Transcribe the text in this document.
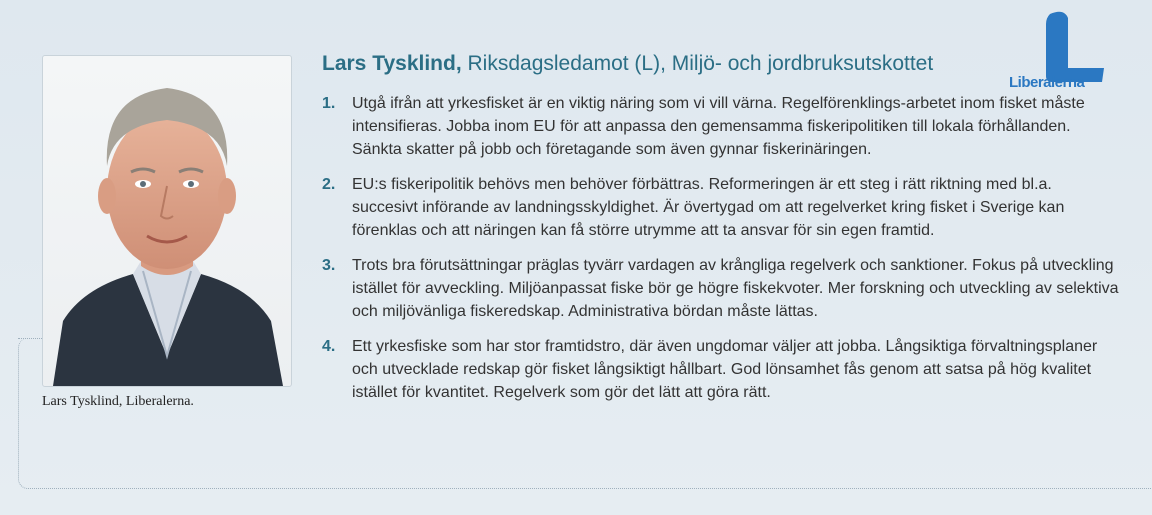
Lars Tysklind, Liberalerna.
Lars Tysklind, Riksdagsledamot (L), Miljö- och jordbruksutskottet
Liberalerna
1. Utgå ifrån att yrkesfisket är en viktig näring som vi vill värna. Regelförenklings-arbetet inom fisket måste intensifieras. Jobba inom EU för att anpassa den gemensamma fiskeripolitiken till lokala förhållanden. Sänkta skatter på jobb och företagande som även gynnar fiskerinäringen.
2. EU:s fiskeripolitik behövs men behöver förbättras. Reformeringen är ett steg i rätt riktning med bl.a. succesivt införande av landningsskyldighet. Är övertygad om att regelverket kring fisket i Sverige kan förenklas och att näringen kan få större utrymme att ta ansvar för sin egen framtid.
3. Trots bra förutsättningar präglas tyvärr vardagen av krångliga regelverk och sanktioner. Fokus på utveckling istället för avveckling. Miljöanpassat fiske bör ge högre fiskekvoter. Mer forskning och utveckling av selektiva och miljövänliga fiskeredskap. Administrativa bördan måste lättas.
4. Ett yrkesfiske som har stor framtidstro, där även ungdomar väljer att jobba. Långsiktiga förvaltningsplaner och utvecklade redskap gör fisket långsiktigt hållbart. God lönsamhet fås genom att satsa på hög kvalitet istället för kvantitet. Regelverk som gör det lätt att göra rätt.
